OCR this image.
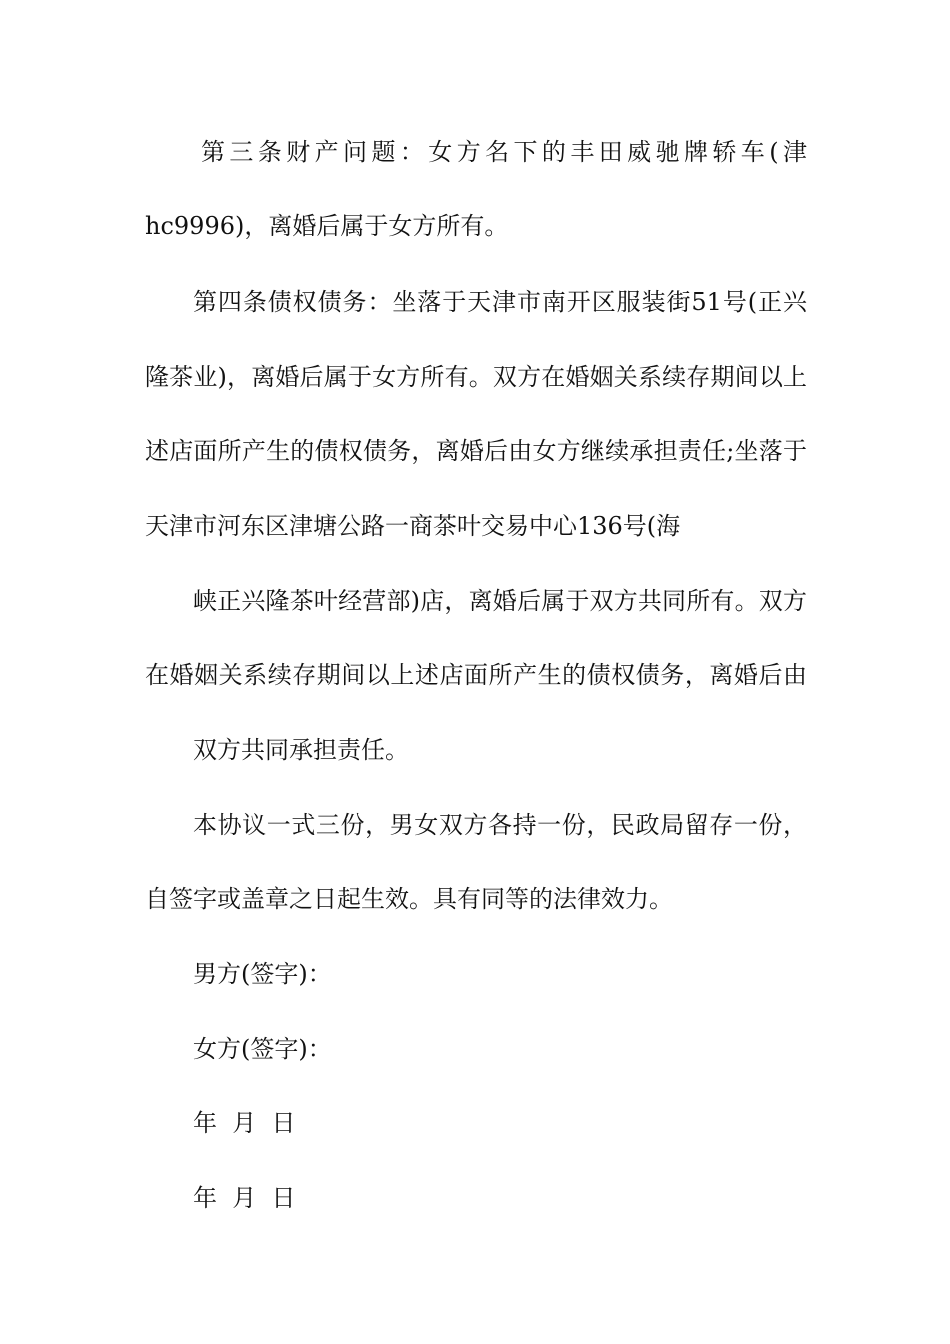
第三条财产问题：女方名下的丰田威驰牌轿车(津
hc9996)，离婚后属于女方所有。
第四条债权债务：坐落于天津市南开区服装街51号(正兴
隆茶业)，离婚后属于女方所有。双方在婚姻关系续存期间以上
述店面所产生的债权债务，离婚后由女方继续承担责任;坐落于
天津市河东区津塘公路一商茶叶交易中心136号(海
峡正兴隆茶叶经营部)店，离婚后属于双方共同所有。双方
在婚姻关系续存期间以上述店面所产生的债权债务，离婚后由
双方共同承担责任。
本协议一式三份，男女双方各持一份，民政局留存一份，
自签字或盖章之日起生效。具有同等的法律效力。
男方(签字)：
女方(签字)：
年  月  日
年  月  日
